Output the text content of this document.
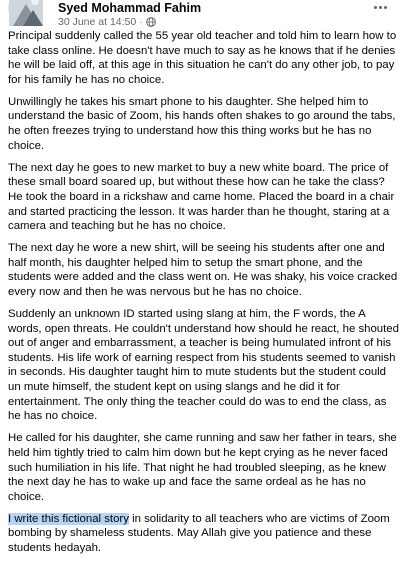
Syed Mohammad Fahim
30 June at 14:50 ·

Principal suddenly called the 55 year old teacher and told him to learn how to take class online. He doesn't have much to say as he knows that if he denies he will be laid off, at this age in this situation he can't do any other job, to pay for his family he has no choice.

Unwillingly he takes his smart phone to his daughter. She helped him to understand the basic of Zoom, his hands often shakes to go around the tabs, he often freezes trying to understand how this thing works but he has no choice.

The next day he goes to new market to buy a new white board. The price of these small board soared up, but without these how can he take the class? He took the board in a rickshaw and came home. Placed the board in a chair and started practicing the lesson. It was harder than he thought, staring at a camera and teaching but he has no choice.

The next day he wore a new shirt, will be seeing his students after one and half month, his daughter helped him to setup the smart phone, and the students were added and the class went on. He was shaky, his voice cracked every now and then he was nervous but he has no choice.

Suddenly an unknown ID started using slang at him, the F words, the A words, open threats. He couldn't understand how should he react, he shouted out of anger and embarrassment, a teacher is being humulated infront of his students. His life work of earning respect from his students seemed to vanish in seconds. His daughter taught him to mute students but the student could un mute himself, the student kept on using slangs and he did it for entertainment. The only thing the teacher could do was to end the class, as he has no choice.

He called for his daughter, she came running and saw her father in tears, she held him tightly tried to calm him down but he kept crying as he never faced such humiliation in his life. That night he had troubled sleeping, as he knew the next day he has to wake up and face the same ordeal as he has no choice.

I write this fictional story in solidarity to all teachers who are victims of Zoom bombing by shameless students. May Allah give you patience and these students hedayah.
